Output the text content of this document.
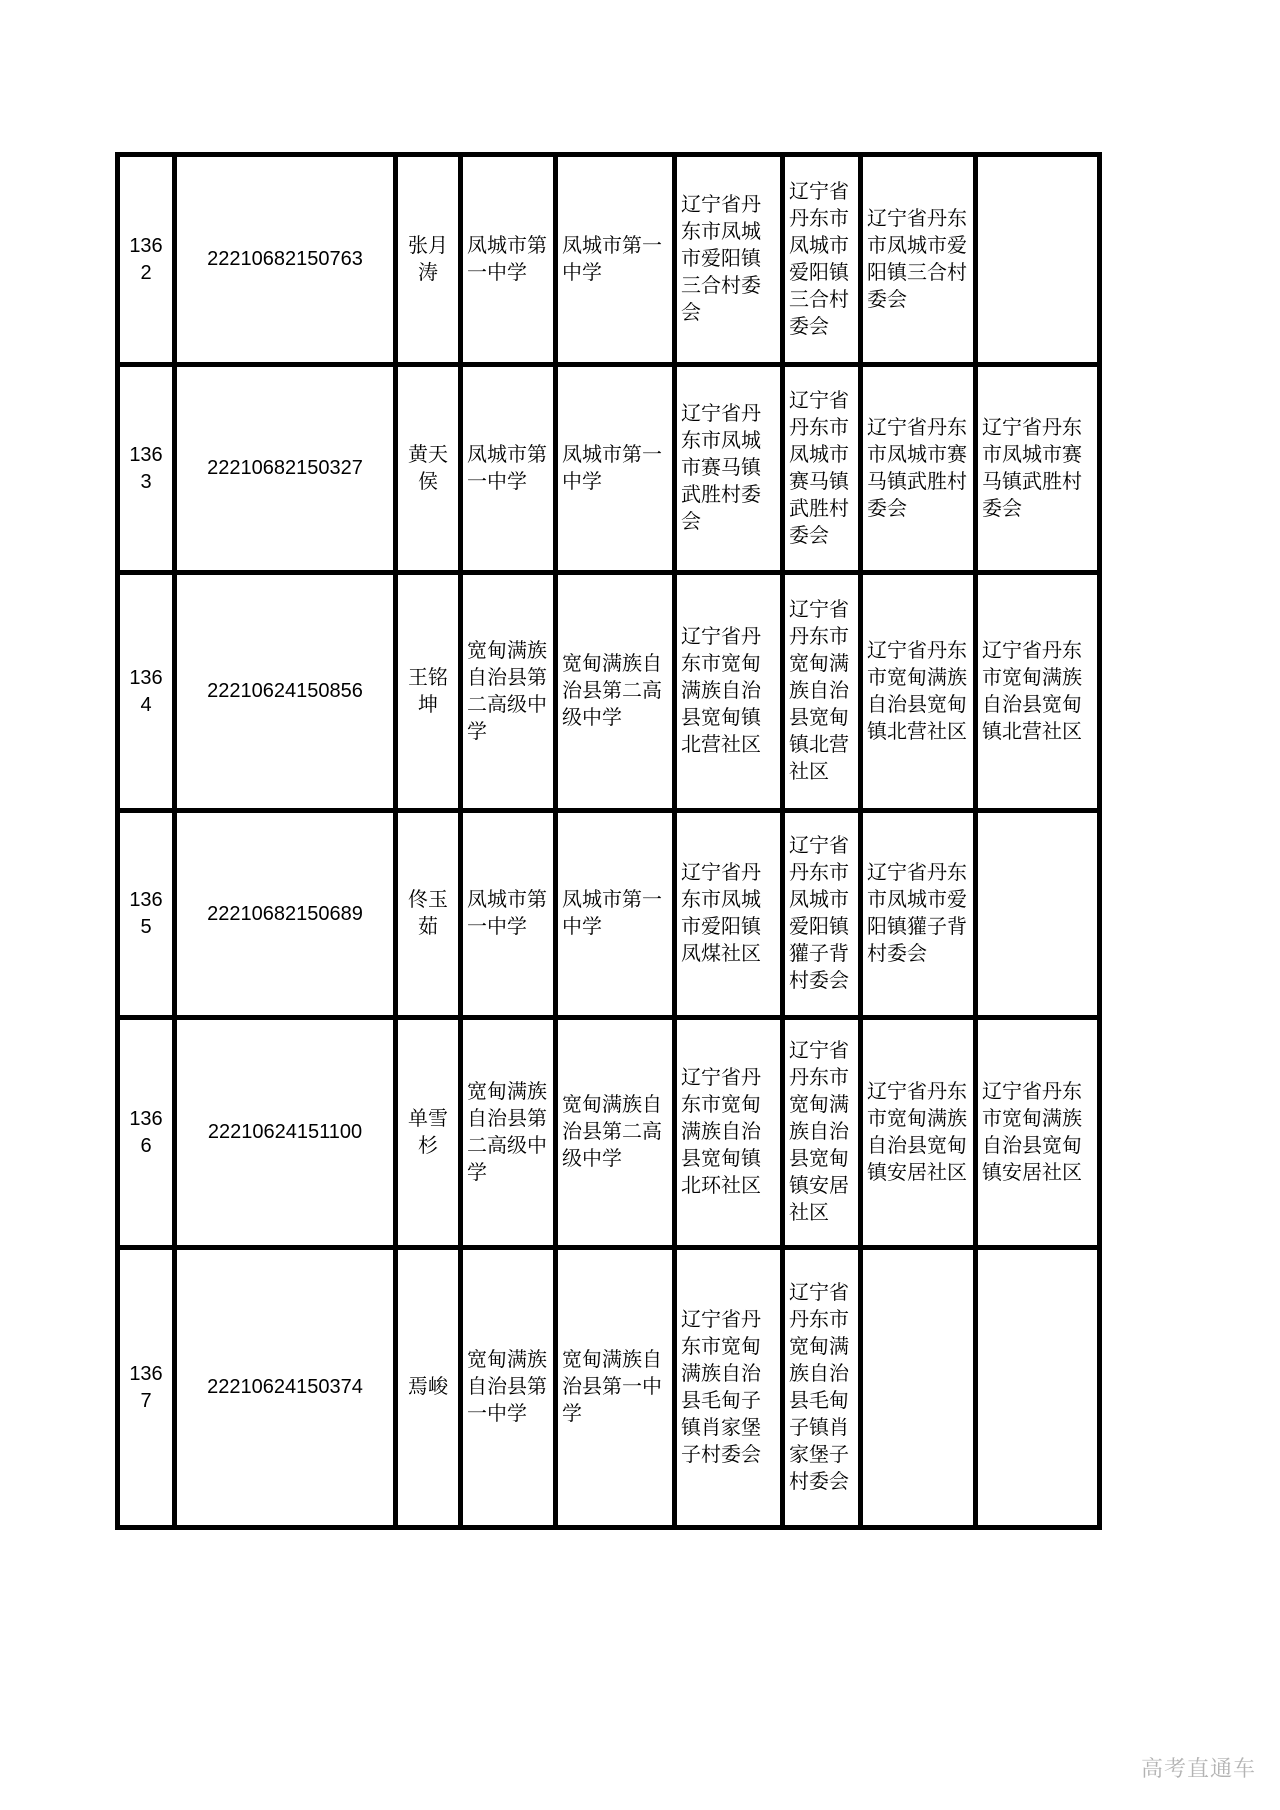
1362	22210682150763	张月涛	凤城市第一中学	凤城市第一中学	辽宁省丹东市凤城市爱阳镇三合村委会	辽宁省丹东市凤城市爱阳镇三合村委会	辽宁省丹东市凤城市爱阳镇三合村委会	
1363	22210682150327	黄天侯	凤城市第一中学	凤城市第一中学	辽宁省丹东市凤城市赛马镇武胜村委会	辽宁省丹东市凤城市赛马镇武胜村委会	辽宁省丹东市凤城市赛马镇武胜村委会	辽宁省丹东市凤城市赛马镇武胜村委会
1364	22210624150856	王铭坤	宽甸满族自治县第二高级中学	宽甸满族自治县第二高级中学	辽宁省丹东市宽甸满族自治县宽甸镇北营社区	辽宁省丹东市宽甸满族自治县宽甸镇北营社区	辽宁省丹东市宽甸满族自治县宽甸镇北营社区	辽宁省丹东市宽甸满族自治县宽甸镇北营社区
1365	22210682150689	佟玉茹	凤城市第一中学	凤城市第一中学	辽宁省丹东市凤城市爱阳镇凤煤社区	辽宁省丹东市凤城市爱阳镇獾子背村委会	辽宁省丹东市凤城市爱阳镇獾子背村委会	
1366	22210624151100	单雪杉	宽甸满族自治县第二高级中学	宽甸满族自治县第二高级中学	辽宁省丹东市宽甸满族自治县宽甸镇北环社区	辽宁省丹东市宽甸满族自治县宽甸镇安居社区	辽宁省丹东市宽甸满族自治县宽甸镇安居社区	辽宁省丹东市宽甸满族自治县宽甸镇安居社区
1367	22210624150374	焉峻	宽甸满族自治县第一中学	宽甸满族自治县第一中学	辽宁省丹东市宽甸满族自治县毛甸子镇肖家堡子村委会	辽宁省丹东市宽甸满族自治县毛甸子镇肖家堡子村委会		
高考直通车
